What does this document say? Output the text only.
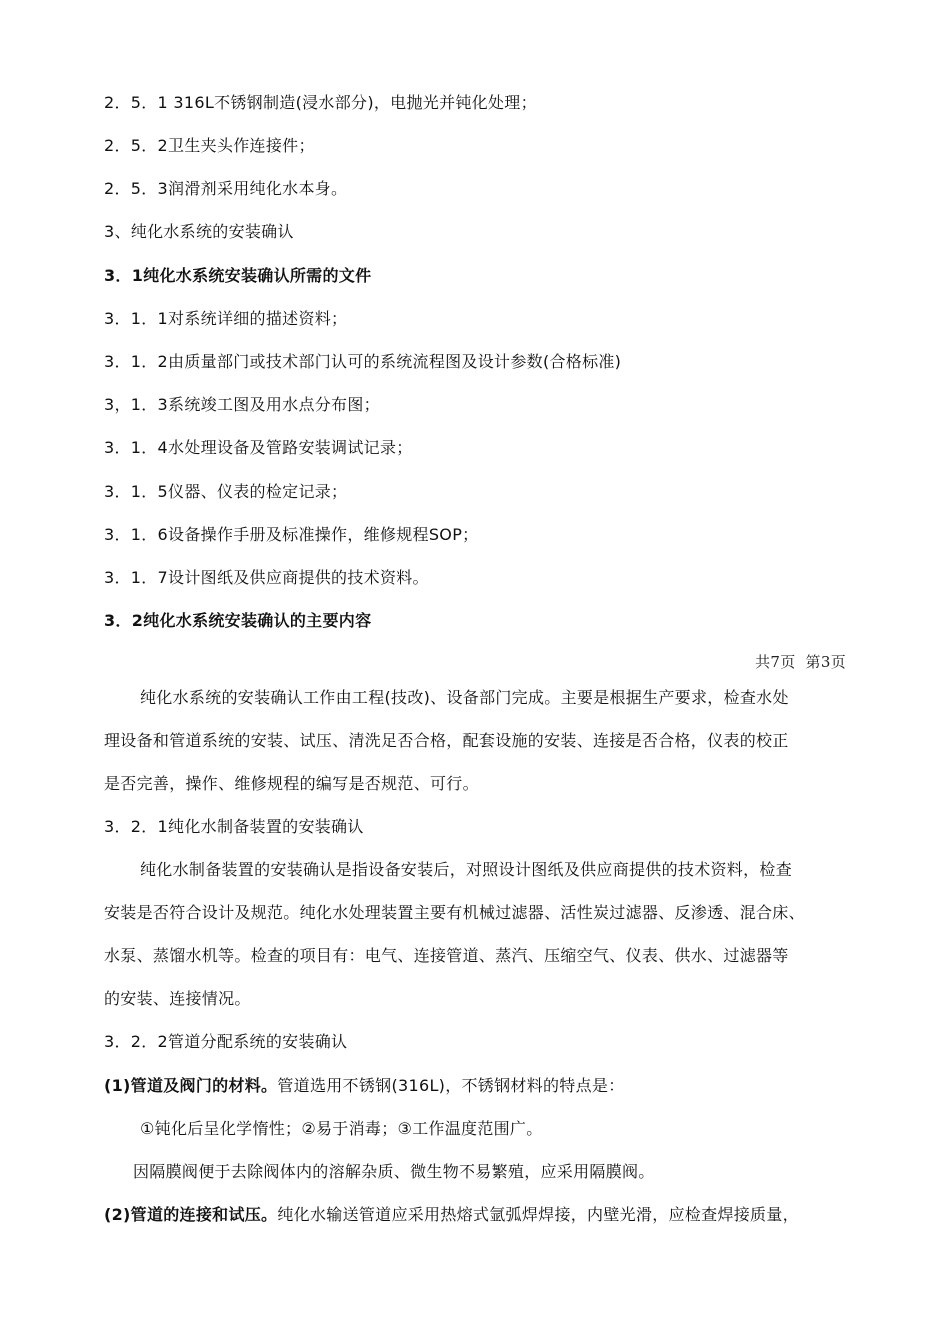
2．5．1 316L不锈钢制造(浸水部分)，电抛光并钝化处理；
2．5．2卫生夹头作连接件；
2．5．3润滑剂采用纯化水本身。
3、纯化水系统的安装确认
3．1纯化水系统安装确认所需的文件
3．1．1对系统详细的描述资料；
3．1．2由质量部门或技术部门认可的系统流程图及设计参数(合格标准)
3，1．3系统竣工图及用水点分布图；
3．1．4水处理设备及管路安装调试记录；
3．1．5仪器、仪表的检定记录；
3．1．6设备操作手册及标准操作，维修规程SOP；
3．1．7设计图纸及供应商提供的技术资料。
3．2纯化水系统安装确认的主要内容
共7页 第3页
纯化水系统的安装确认工作由工程(技改)、设备部门完成。主要是根据生产要求，检查水处
理设备和管道系统的安装、试压、清洗足否合格，配套设施的安装、连接是否合格，仪表的校正
是否完善，操作、维修规程的编写是否规范、可行。
3．2．1纯化水制备装置的安装确认
纯化水制备装置的安装确认是指设备安装后，对照设计图纸及供应商提供的技术资料，检查
安装是否符合设计及规范。纯化水处理装置主要有机械过滤器、活性炭过滤器、反渗透、混合床、
水泵、蒸馏水机等。检查的项目有：电气、连接管道、蒸汽、压缩空气、仪表、供水、过滤器等
的安装、连接情况。
3．2．2管道分配系统的安装确认
(1)管道及阀门的材料。管道选用不锈钢(316L)，不锈钢材料的特点是：
①钝化后呈化学惰性；②易于消毒；③工作温度范围广。
因隔膜阀便于去除阀体内的溶解杂质、微生物不易繁殖，应采用隔膜阀。
(2)管道的连接和试压。纯化水输送管道应采用热熔式氩弧焊焊接，内壁光滑，应检查焊接质量，
